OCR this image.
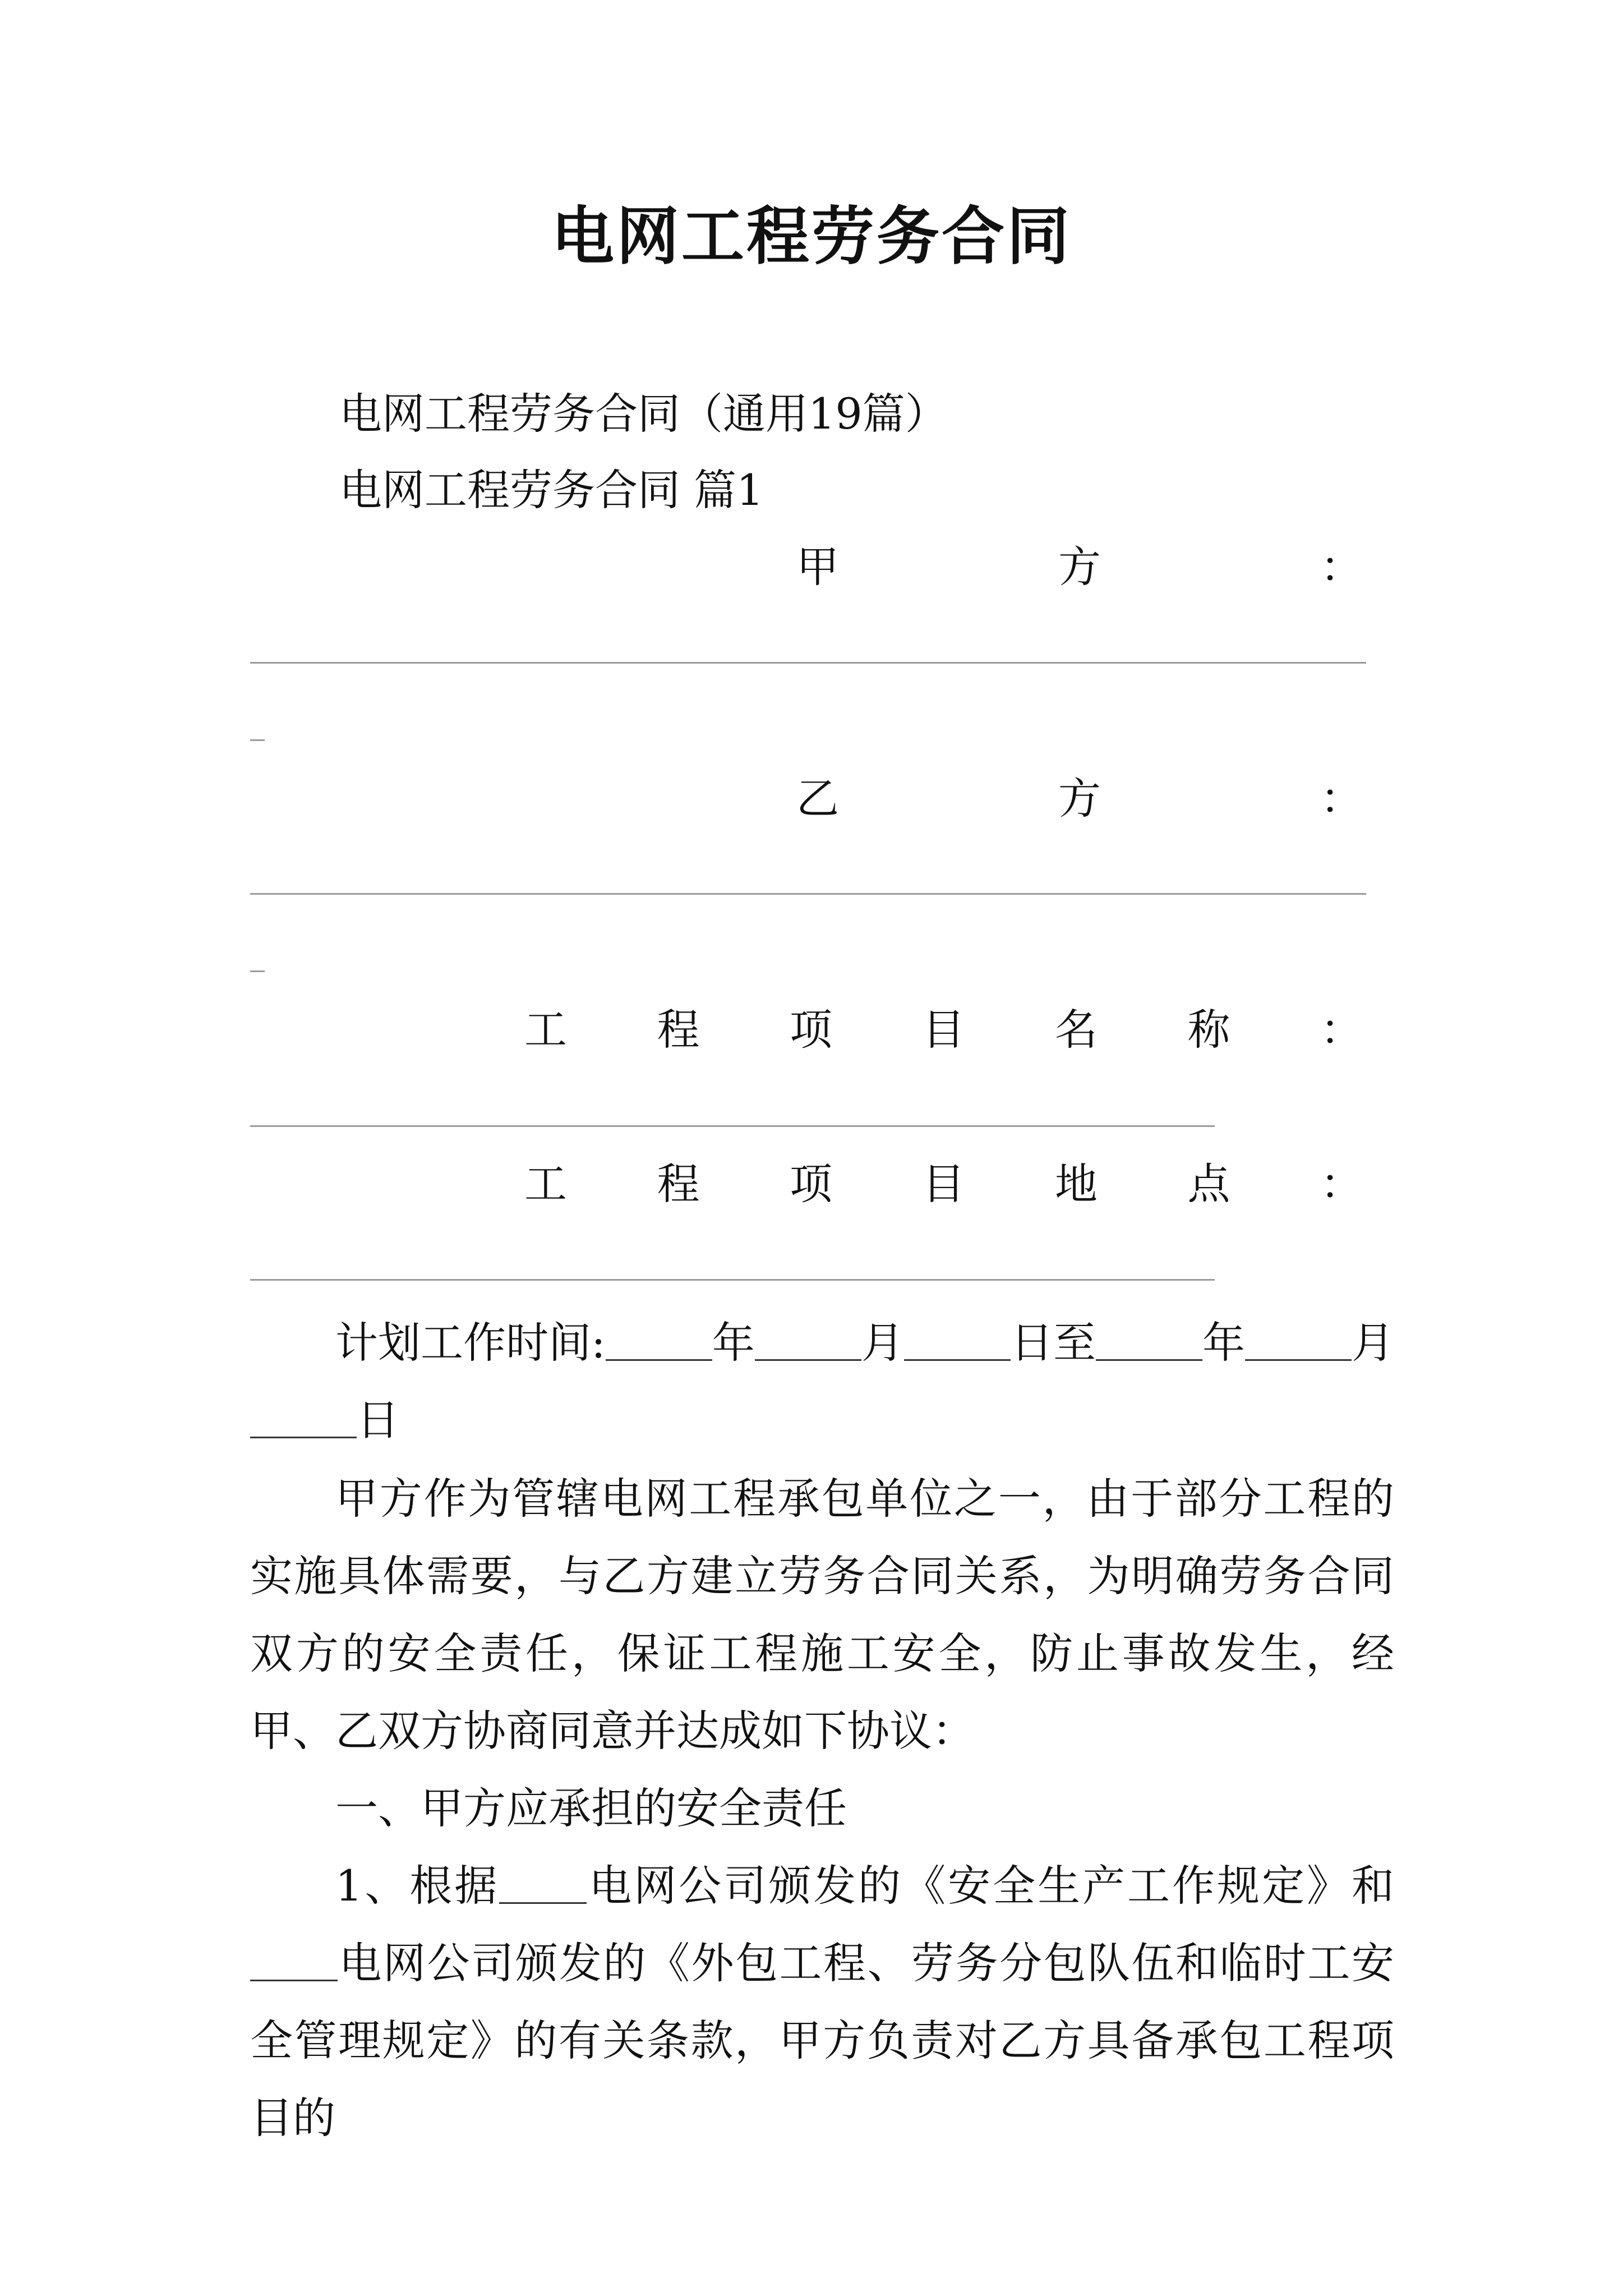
电网工程劳务合同
电网工程劳务合同（通用19篇）
电网工程劳务合同 篇1
甲	方	：
乙	方	：
工 程 项 目 名 称 ：
工 程 项 目 地 点 ：
计划工作时间:	年	月	日至	年	月日
甲方作为管辖电网工程承包单位之一，由于部分工程的实施具体需要，与乙方建立劳务合同关系，为明确劳务合同双方的安全责任，保证工程施工安全，防止事故发生，经甲、乙双方协商同意并达成如下协议：
一、甲方应承担的安全责任
1、根据 电网公司颁发的《安全生产工作规定》和电网公司颁发的《外包工程、劳务分包队伍和临时工安全管理规定》的有关条款，甲方负责对乙方具备承包工程项目的
